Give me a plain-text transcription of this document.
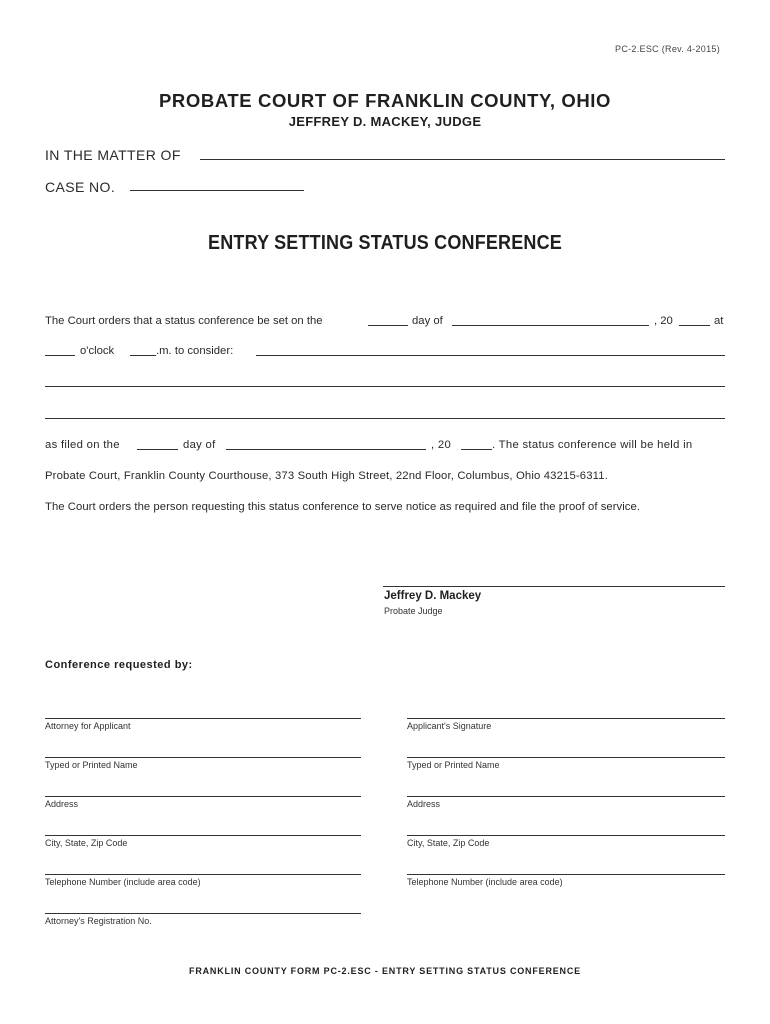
PC-2.ESC (Rev. 4-2015)
PROBATE COURT OF FRANKLIN COUNTY, OHIO
JEFFREY D. MACKEY, JUDGE
IN THE MATTER OF
CASE NO.
ENTRY SETTING STATUS CONFERENCE
The Court orders that a status conference be set on the	day of	, 20	at
o'clock	.m. to consider:
as filed on the	day of	, 20	. The status conference will be held in
Probate Court, Franklin County Courthouse, 373 South High Street, 22nd Floor, Columbus, Ohio 43215-6311.
The Court orders the person requesting this status conference to serve notice as required and file the proof of service.
Jeffrey D. Mackey
Probate Judge
Conference requested by:
Attorney for Applicant
Typed or Printed Name
Address
City, State, Zip Code
Telephone Number (include area code)
Attorney's Registration No.
Applicant's Signature
Typed or Printed Name
Address
City, State, Zip Code
Telephone Number (include area code)
FRANKLIN COUNTY FORM PC-2.ESC - ENTRY SETTING STATUS CONFERENCE
